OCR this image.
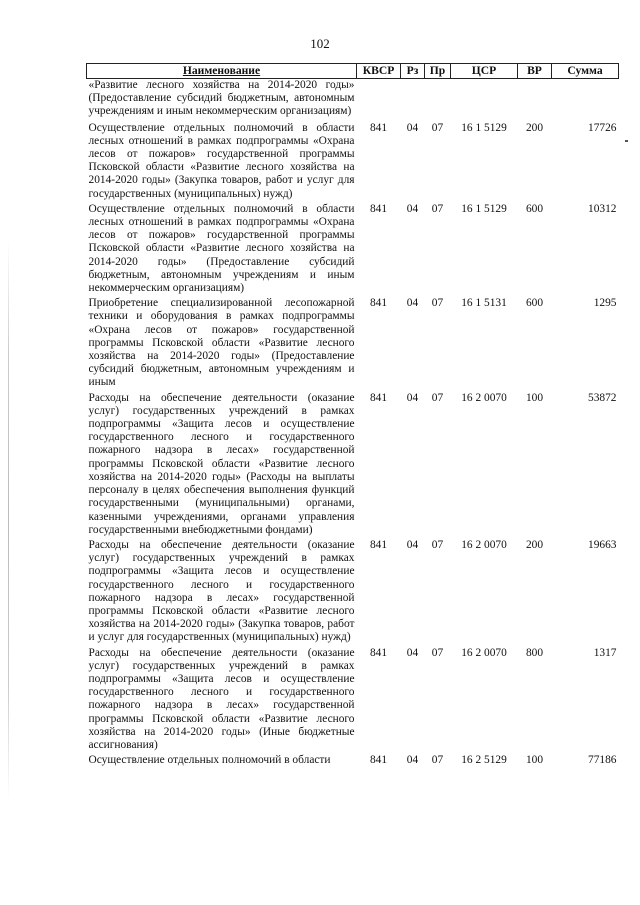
102
Наименование	КВСР	Рз	Пр	ЦСР	ВР	Сумма
«Развитие лесного хозяйства на 2014-2020 годы» (Предоставление субсидий бюджетным, автономным учреждениям и иным некоммерческим организациям)						
Осуществление отдельных полномочий в области лесных отношений в рамках подпрограммы «Охрана лесов от пожаров» государственной программы Псковской области «Развитие лесного хозяйства на 2014-2020 годы» (Закупка товаров, работ и услуг для государственных (муниципальных) нужд)	841	04	07	16 1 5129	200	17726
Осуществление отдельных полномочий в области лесных отношений в рамках подпрограммы «Охрана лесов от пожаров» государственной программы Псковской области «Развитие лесного хозяйства на 2014-2020 годы» (Предоставление субсидий бюджетным, автономным учреждениям и иным некоммерческим организациям)	841	04	07	16 1 5129	600	10312
Приобретение специализированной лесопожарной техники и оборудования в рамках подпрограммы «Охрана лесов от пожаров» государственной программы Псковской области «Развитие лесного хозяйства на 2014-2020 годы» (Предоставление субсидий бюджетным, автономным учреждениям и иным	841	04	07	16 1 5131	600	1295
Расходы на обеспечение деятельности (оказание услуг) государственных учреждений в рамках подпрограммы «Защита лесов и осуществление государственного лесного и государственного пожарного надзора в лесах» государственной программы Псковской области «Развитие лесного хозяйства на 2014-2020 годы» (Расходы на выплаты персоналу в целях обеспечения выполнения функций государственными (муниципальными) органами, казенными учреждениями, органами управления государственными внебюджетными фондами)	841	04	07	16 2 0070	100	53872
Расходы на обеспечение деятельности (оказание услуг) государственных учреждений в рамках подпрограммы «Защита лесов и осуществление государственного лесного и государственного пожарного надзора в лесах» государственной программы Псковской области «Развитие лесного хозяйства на 2014-2020 годы» (Закупка товаров, работ и услуг для государственных (муниципальных) нужд)	841	04	07	16 2 0070	200	19663
Расходы на обеспечение деятельности (оказание услуг) государственных учреждений в рамках подпрограммы «Защита лесов и осуществление государственного лесного и государственного пожарного надзора в лесах» государственной программы Псковской области «Развитие лесного хозяйства на 2014-2020 годы» (Иные бюджетные ассигнования)	841	04	07	16 2 0070	800	1317
Осуществление отдельных полномочий в области	841	04	07	16 2 5129	100	77186
